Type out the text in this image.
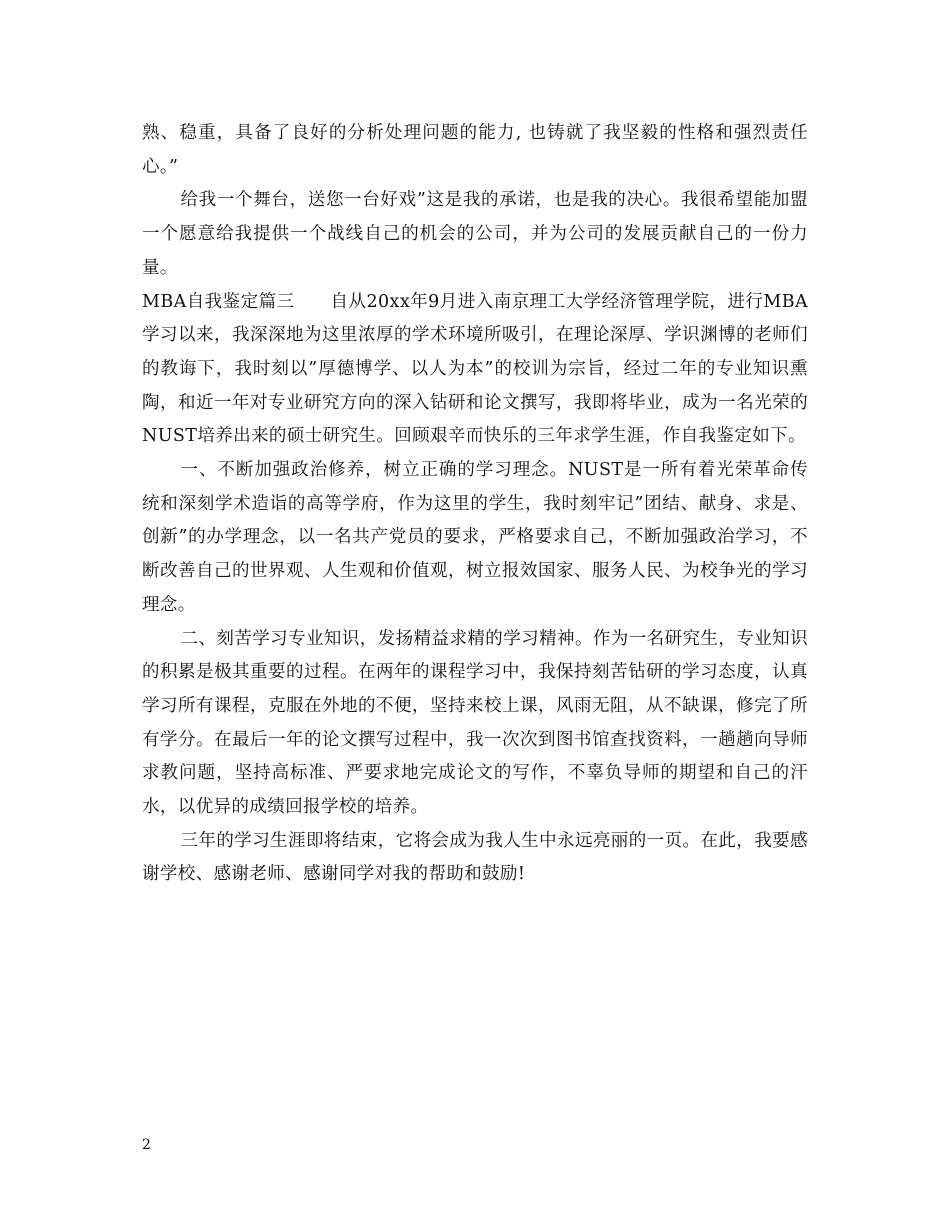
熟、稳重，具备了良好的分析处理问题的能力, 也铸就了我坚毅的性格和强烈责任心。”

给我一个舞台，送您一台好戏”这是我的承诺，也是我的决心。我很希望能加盟一个愿意给我提供一个战线自己的机会的公司，并为公司的发展贡献自己的一份力量。

MBA自我鉴定篇三　　自从20xx年9月进入南京理工大学经济管理学院，进行MBA学习以来，我深深地为这里浓厚的学术环境所吸引，在理论深厚、学识渊博的老师们的教诲下，我时刻以”厚德博学、以人为本”的校训为宗旨，经过二年的专业知识熏陶，和近一年对专业研究方向的深入钻研和论文撰写，我即将毕业，成为一名光荣的NUST培养出来的硕士研究生。回顾艰辛而快乐的三年求学生涯，作自我鉴定如下。

一、不断加强政治修养，树立正确的学习理念。NUST是一所有着光荣革命传统和深刻学术造诣的高等学府，作为这里的学生，我时刻牢记”团结、献身、求是、创新”的办学理念，以一名共产党员的要求，严格要求自己，不断加强政治学习，不断改善自己的世界观、人生观和价值观，树立报效国家、服务人民、为校争光的学习理念。

二、刻苦学习专业知识，发扬精益求精的学习精神。作为一名研究生，专业知识的积累是极其重要的过程。在两年的课程学习中，我保持刻苦钻研的学习态度，认真学习所有课程，克服在外地的不便，坚持来校上课，风雨无阻，从不缺课，修完了所有学分。在最后一年的论文撰写过程中，我一次次到图书馆查找资料，一趟趟向导师求教问题，坚持高标准、严要求地完成论文的写作，不辜负导师的期望和自己的汗水，以优异的成绩回报学校的培养。

三年的学习生涯即将结束，它将会成为我人生中永远亮丽的一页。在此，我要感谢学校、感谢老师、感谢同学对我的帮助和鼓励!

2
